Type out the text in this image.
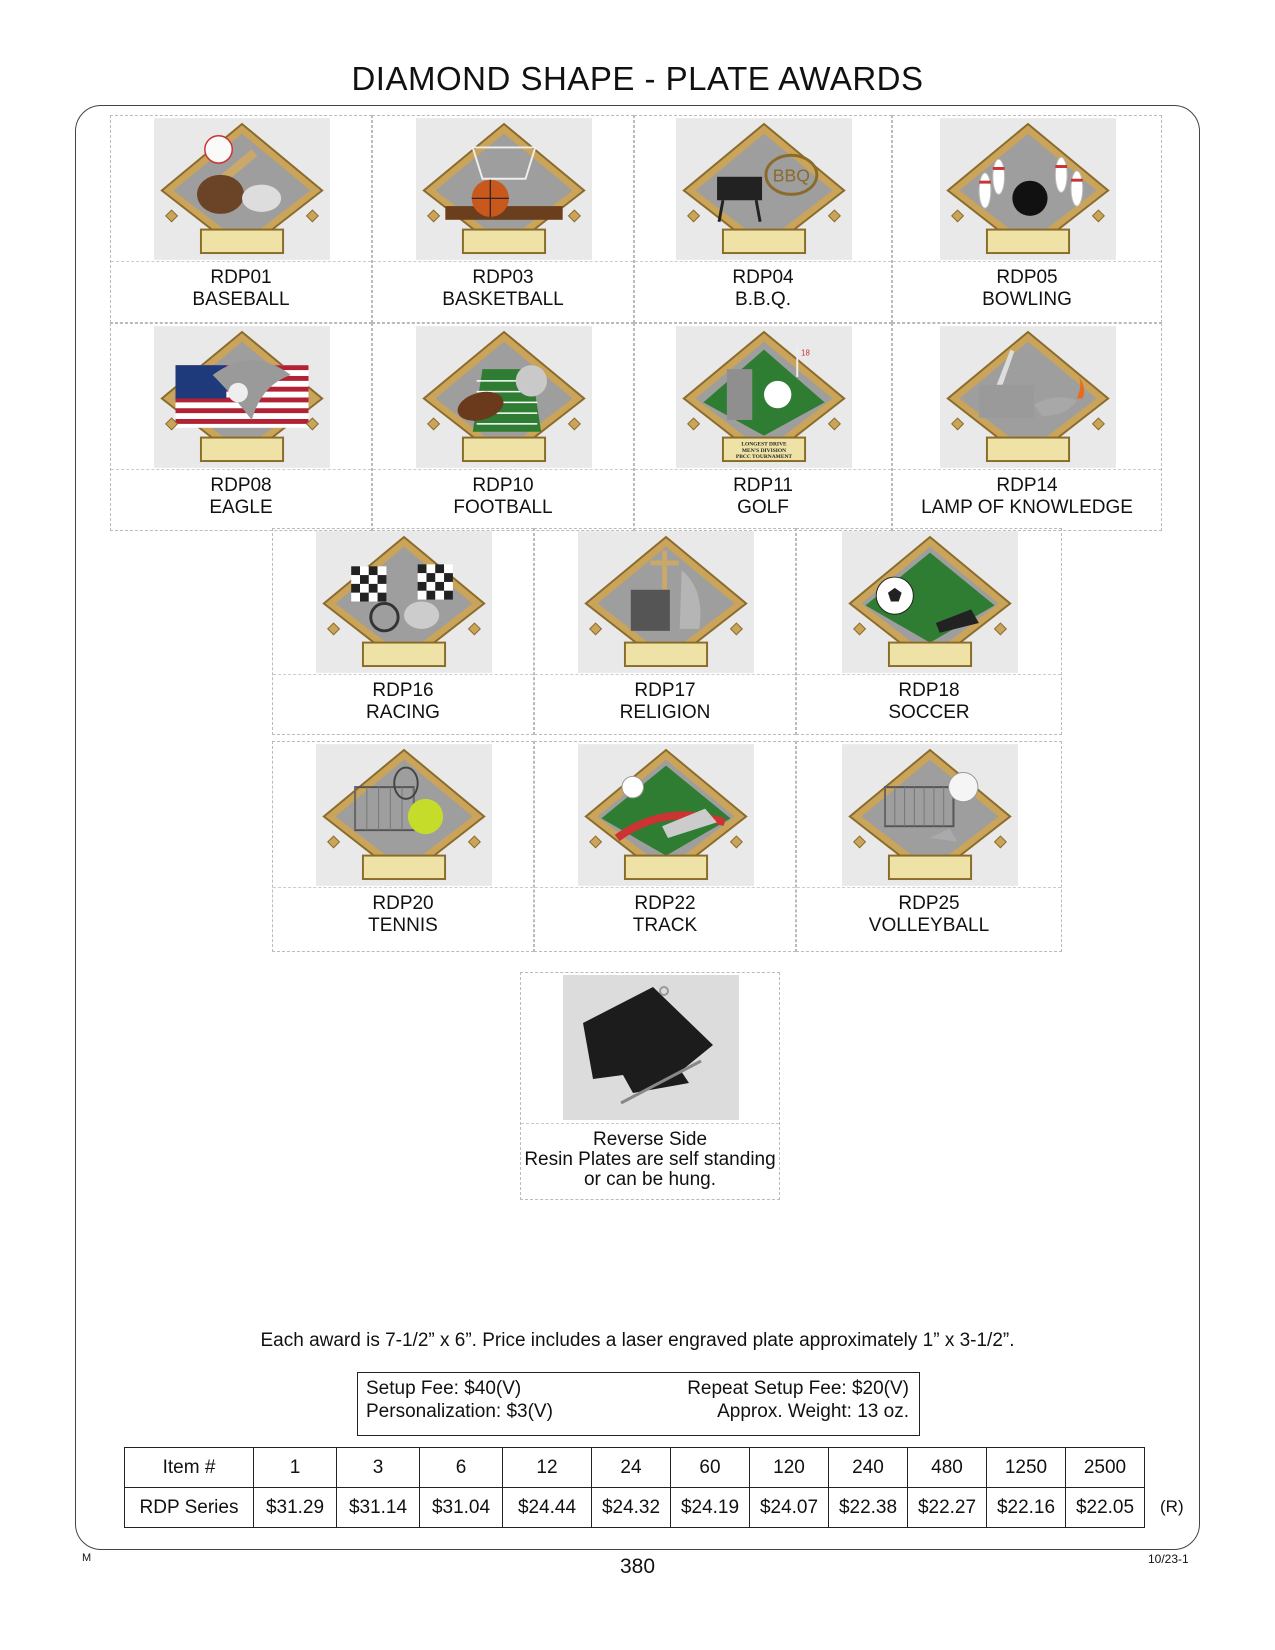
DIAMOND SHAPE - PLATE AWARDS
RDP01
BASEBALL
RDP03
BASKETBALL
BBQ
RDP04
B.B.Q.
RDP05
BOWLING
RDP08
EAGLE
RDP10
FOOTBALL
18
LONGEST DRIVE
MEN'S DIVISION
PBCC TOURNAMENT
RDP11
GOLF
RDP14
LAMP OF KNOWLEDGE
RDP16
RACING
RDP17
RELIGION
RDP18
SOCCER
RDP20
TENNIS
RDP22
TRACK
RDP25
VOLLEYBALL
Reverse Side
Resin Plates are self standing
or can be hung.
Each award is 7-1/2” x 6”. Price includes a laser engraved plate approximately 1” x 3-1/2”.
Setup Fee: $40(V)	Repeat Setup Fee: $20(V)
Personalization: $3(V)	Approx. Weight: 13 oz.
Item #	1	3	6	12	24	60	120	240	480	1250	2500
RDP Series	$31.29	$31.14	$31.04	$24.44	$24.32	$24.19	$24.07	$22.38	$22.27	$22.16	$22.05 (R)
380
M	10/23-1
